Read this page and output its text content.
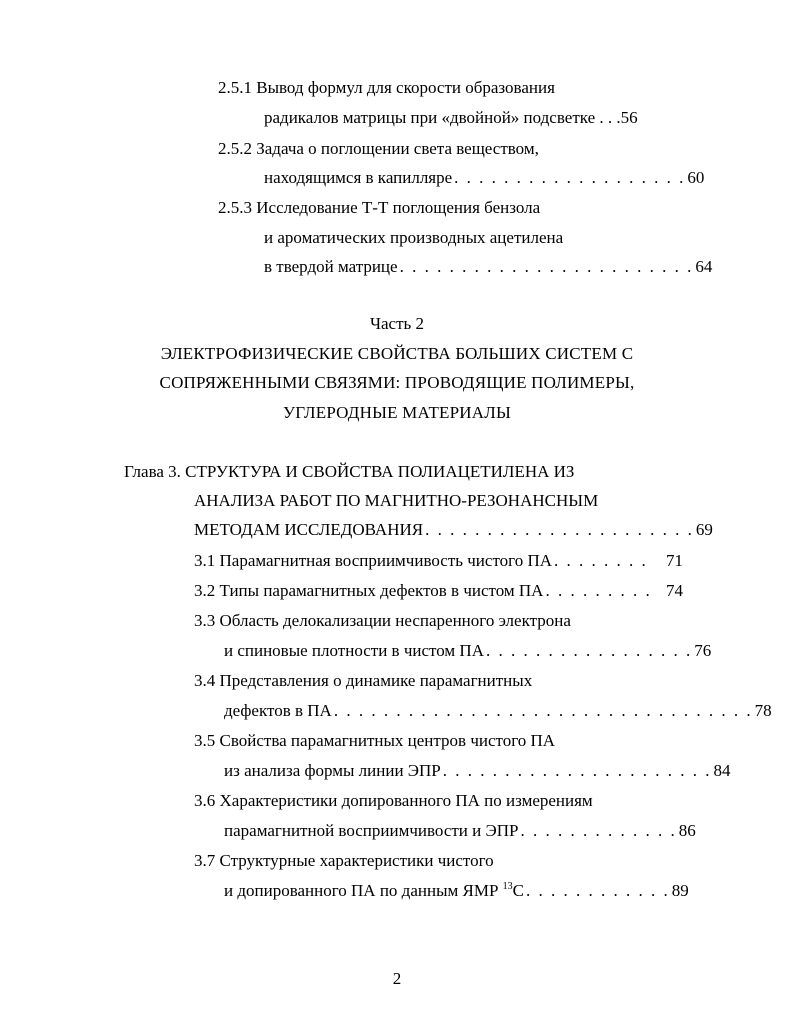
2.5.1 Вывод формул для скорости образования
радикалов матрицы при «двойной» подсветке . . . 56
2.5.2 Задача о поглощении света веществом,
находящимся в капилляре . . . . . . . . . . . . . . . . . . . 60
2.5.3 Исследование Т-Т поглощения бензола
и ароматических производных ацетилена
в твердой матрице . . . . . . . . . . . . . . . . . . . . . . . . 64
Часть 2
ЭЛЕКТРОФИЗИЧЕСКИЕ СВОЙСТВА БОЛЬШИХ СИСТЕМ С
СОПРЯЖЕННЫМИ СВЯЗЯМИ: ПРОВОДЯЩИЕ ПОЛИМЕРЫ,
УГЛЕРОДНЫЕ МАТЕРИАЛЫ
Глава 3. СТРУКТУРА И СВОЙСТВА ПОЛИАЦЕТИЛЕНА ИЗ
АНАЛИЗА РАБОТ ПО МАГНИТНО-РЕЗОНАНСНЫМ
МЕТОДАМ ИССЛЕДОВАНИЯ . . . . . . . . . . . . . . . . . . . . . . 69
3.1 Парамагнитная восприимчивость чистого ПА . . . . . . . .	71
3.2 Типы парамагнитных дефектов в чистом ПА . . . . . . . . . 74
3.3 Область делокализации неспаренного электрона
и спиновые плотности в чистом ПА . . . . . . . . . . . . . . . . . 76
3.4 Представления о динамике парамагнитных
дефектов в ПА . . . . . . . . . . . . . . . . . . . . . . . . . . . . . . . . . . 78
3.5 Свойства парамагнитных центров чистого ПА
из анализа формы линии ЭПР . . . . . . . . . . . . . . . . . . . . . . 84
3.6 Характеристики допированного ПА по измерениям
парамагнитной восприимчивости и ЭПР . . . . . . . . . . . . . 86
3.7 Структурные характеристики чистого
и допированного ПА по данным ЯМР $^{13}$С . . . . . . . . . . . . 89
2
